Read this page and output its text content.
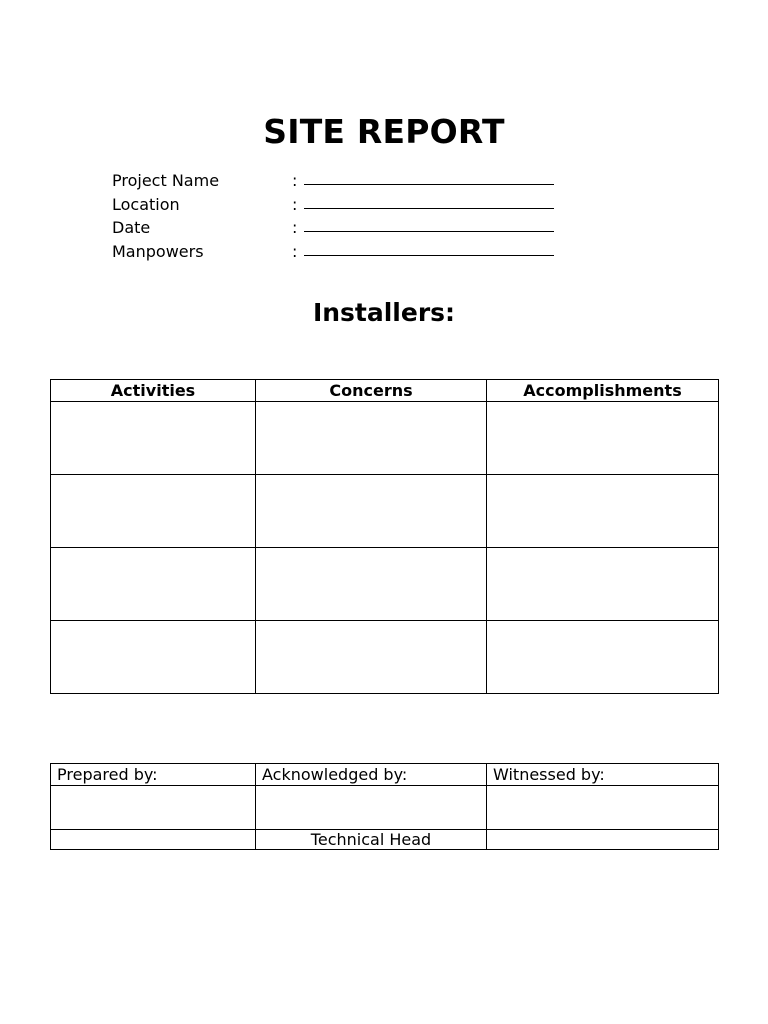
SITE REPORT
Project Name	:
Location	:
Date	:
Manpowers	:
Installers:
Activities	Concerns	Accomplishments

Prepared by:	Acknowledged by:	Witnessed by:

	Technical Head	
